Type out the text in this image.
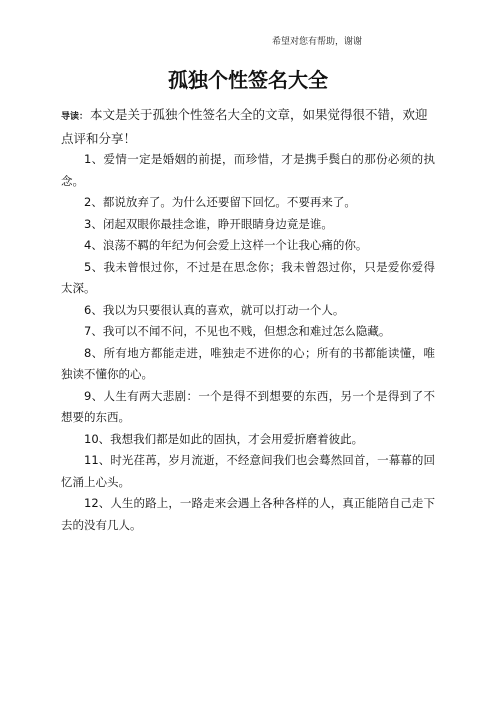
希望对您有帮助，谢谢
孤独个性签名大全
导读： 本文是关于孤独个性签名大全的文章，如果觉得很不错，欢迎点评和分享！
1、爱情一定是婚姻的前提，而珍惜，才是携手鬓白的那份必须的执念。
2、都说放弃了。为什么还要留下回忆。不要再来了。
3、闭起双眼你最挂念谁，睁开眼睛身边竟是谁。
4、浪荡不羁的年纪为何会爱上这样一个让我心痛的你。
5、我未曾恨过你，不过是在思念你；我未曾怨过你，只是爱你爱得太深。
6、我以为只要很认真的喜欢，就可以打动一个人。
7、我可以不闻不问，不见也不贱，但想念和难过怎么隐藏。
8、所有地方都能走进，唯独走不进你的心；所有的书都能读懂，唯独读不懂你的心。
9、人生有两大悲剧：一个是得不到想要的东西，另一个是得到了不想要的东西。
10、我想我们都是如此的固执，才会用爱折磨着彼此。
11、时光荏苒，岁月流逝，不经意间我们也会蓦然回首，一幕幕的回忆涌上心头。
12、人生的路上，一路走来会遇上各种各样的人，真正能陪自己走下去的没有几人。
